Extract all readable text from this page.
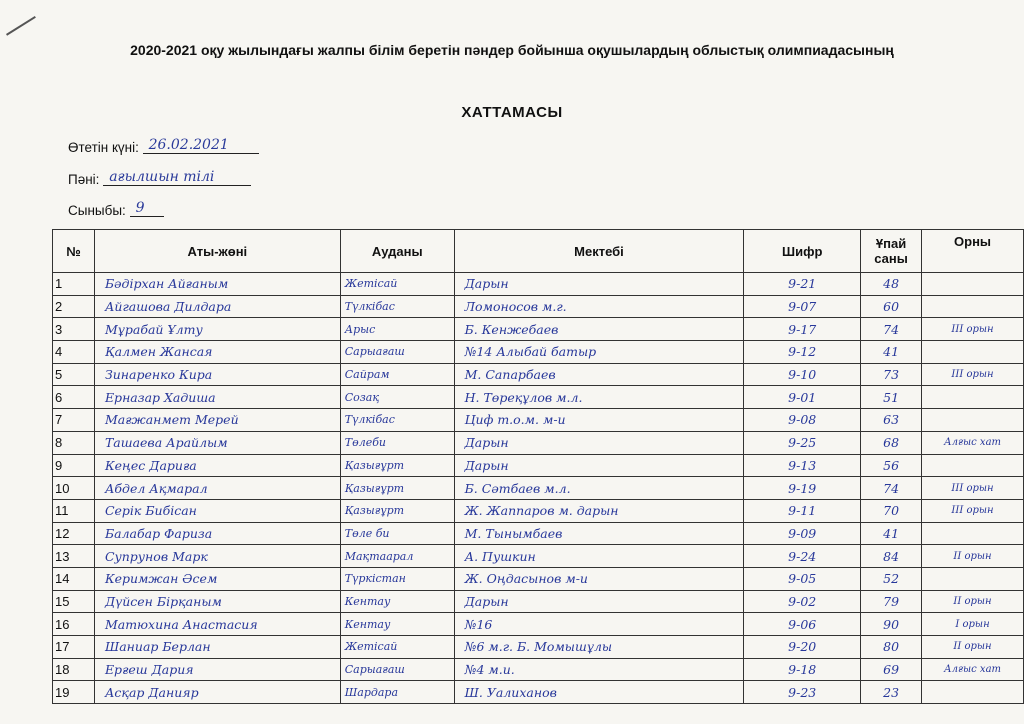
2020-2021 оқу жылындағы жалпы білім беретін пәндер бойынша оқушылардың облыстық олимпиадасының
ХАТТАМАСЫ
Өтетін күні: 26.02.2021
Пәні: ағылшын тілі
Сыныбы: 9
№	Аты-жөні	Ауданы	Мектебі	Шифр	Ұпай саны	Орны
1	Бәдірхан Айғаным	Жетісай	Дарын	9-21	48	
2	Айгашова Дилдара	Түлкібас	Ломоносов м.г.	9-07	60	
3	Мұрабай Ұлту	Арыс	Б. Кенжебаев	9-17	74	ІІІ орын
4	Қалмен Жансая	Сарыағаш	№14 Алыбай батыр	9-12	41	
5	Зинаренко Кира	Сайрам	М. Сапарбаев	9-10	73	ІІІ орын
6	Ерназар Хадиша	Созақ	Н. Төреқұлов м.л.	9-01	51	
7	Мағжанмет Мерей	Түлкібас	Циф т.о.м. м-и	9-08	63	
8	Ташаева Арайлым	Төлеби	Дарын	9-25	68	Алғыс хат
9	Кеңес Дариға	Қазығұрт	Дарын	9-13	56	
10	Абдел Ақмарал	Қазығұрт	Б. Сәтбаев м.л.	9-19	74	ІІІ орын
11	Серік Бибісан	Қазығұрт	Ж. Жаппаров м. дарын	9-11	70	ІІІ орын
12	Балабар Фариза	Төле би	М. Тынымбаев	9-09	41	
13	Супрунов Марк	Мақтаарал	А. Пушкин	9-24	84	ІІ орын
14	Керимжан Әсем	Түркістан	Ж. Оңдасынов м-и	9-05	52	
15	Дүйсен Бірқаным	Кентау	Дарын	9-02	79	ІІ орын
16	Матюхина Анастасия	Кентау	№16	9-06	90	І орын
17	Шаниар Берлан	Жетісай	№6 м.г. Б. Момышұлы	9-20	80	ІІ орын
18	Ерғеш Дария	Сарыағаш	№4 м.и.	9-18	69	Алғыс хат
19	Асқар Данияр	Шардара	Ш. Уалиханов	9-23	23	
